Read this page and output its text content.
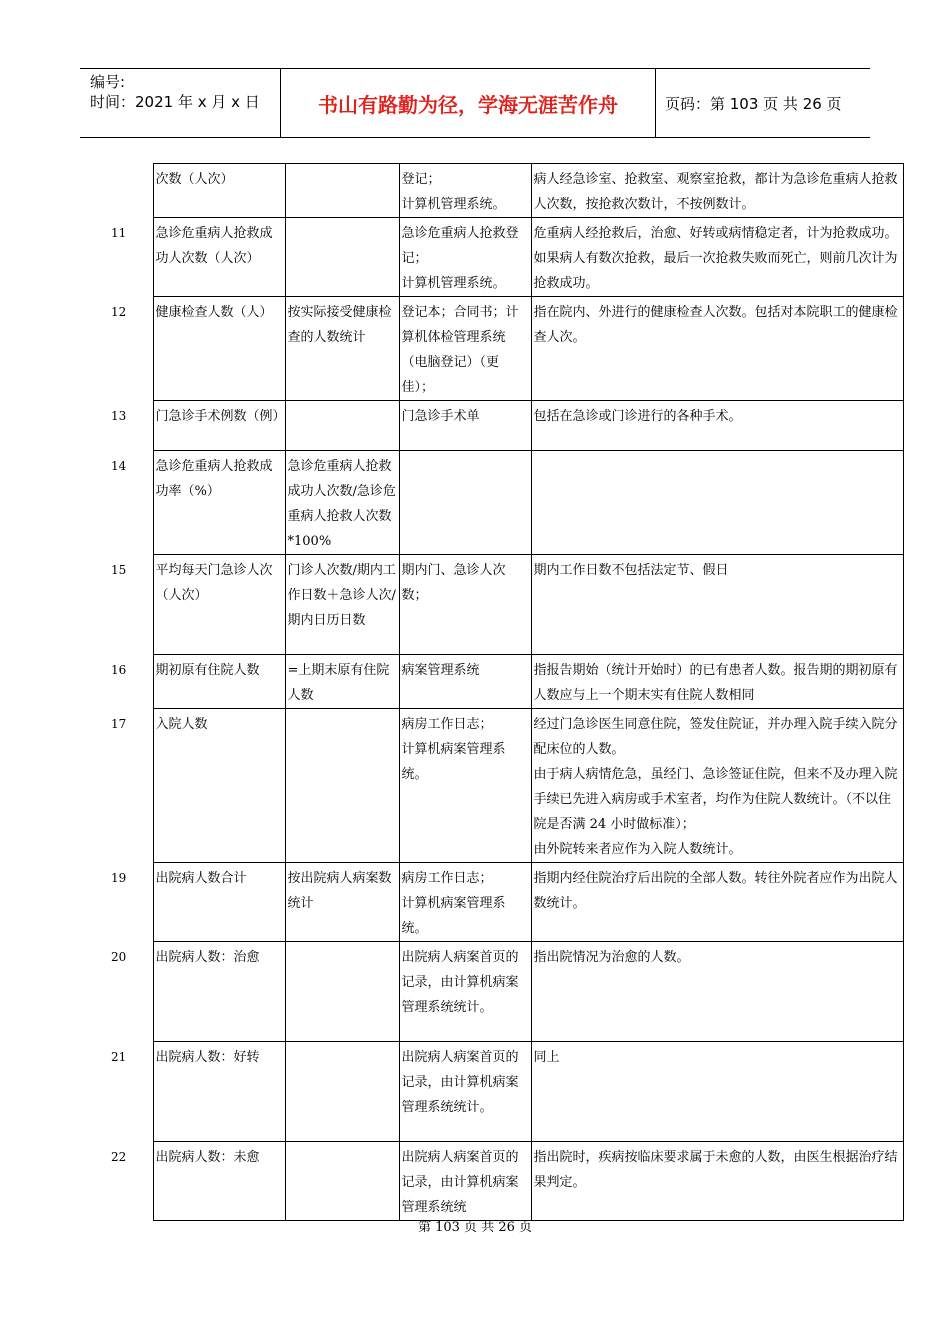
编号:
时间：2021 年 x 月 x 日	书山有路勤为径，学海无涯苦作舟	页码：第 103 页 共 26 页
	次数（人次）		登记；
计算机管理系统。	病人经急诊室、抢救室、观察室抢救，都计为急诊危重病人抢救人次数，按抢救次数计，不按例数计。
11	急诊危重病人抢救成功人次数（人次）		急诊危重病人抢救登记；
计算机管理系统。	危重病人经抢救后，治愈、好转或病情稳定者，计为抢救成功。如果病人有数次抢救，最后一次抢救失败而死亡，则前几次计为抢救成功。
12	健康检查人数（人）	按实际接受健康检查的人数统计	登记本；合同书；计算机体检管理系统（电脑登记）（更佳）；	指在院内、外进行的健康检查人次数。包括对本院职工的健康检查人次。
13	门急诊手术例数（例）		门急诊手术单	包括在急诊或门诊进行的各种手术。
14	急诊危重病人抢救成功率（%）	急诊危重病人抢救成功人次数/急诊危重病人抢救人次数*100%		
15	平均每天门急诊人次（人次）	门诊人次数/期内工作日数＋急诊人次/期内日历日数	期内门、急诊人次数；	期内工作日数不包括法定节、假日
16	期初原有住院人数	=上期末原有住院人数	病案管理系统	指报告期始（统计开始时）的已有患者人数。报告期的期初原有人数应与上一个期末实有住院人数相同
17	入院人数		病房工作日志；
计算机病案管理系统。	经过门急诊医生同意住院，签发住院证，并办理入院手续入院分配床位的人数。
由于病人病情危急，虽经门、急诊签证住院，但来不及办理入院手续已先进入病房或手术室者，均作为住院人数统计。（不以住院是否满 24 小时做标准）；
由外院转来者应作为入院人数统计。
19	出院病人数合计	按出院病人病案数统计	病房工作日志；
计算机病案管理系统。	指期内经住院治疗后出院的全部人数。转往外院者应作为出院人数统计。
20	出院病人数：治愈		出院病人病案首页的记录，由计算机病案管理系统统计。	指出院情况为治愈的人数。
21	出院病人数：好转		出院病人病案首页的记录，由计算机病案管理系统统计。	同上
22	出院病人数：未愈		出院病人病案首页的记录，由计算机病案管理系统统	指出院时，疾病按临床要求属于未愈的人数，由医生根据治疗结果判定。
第 103 页 共 26 页
